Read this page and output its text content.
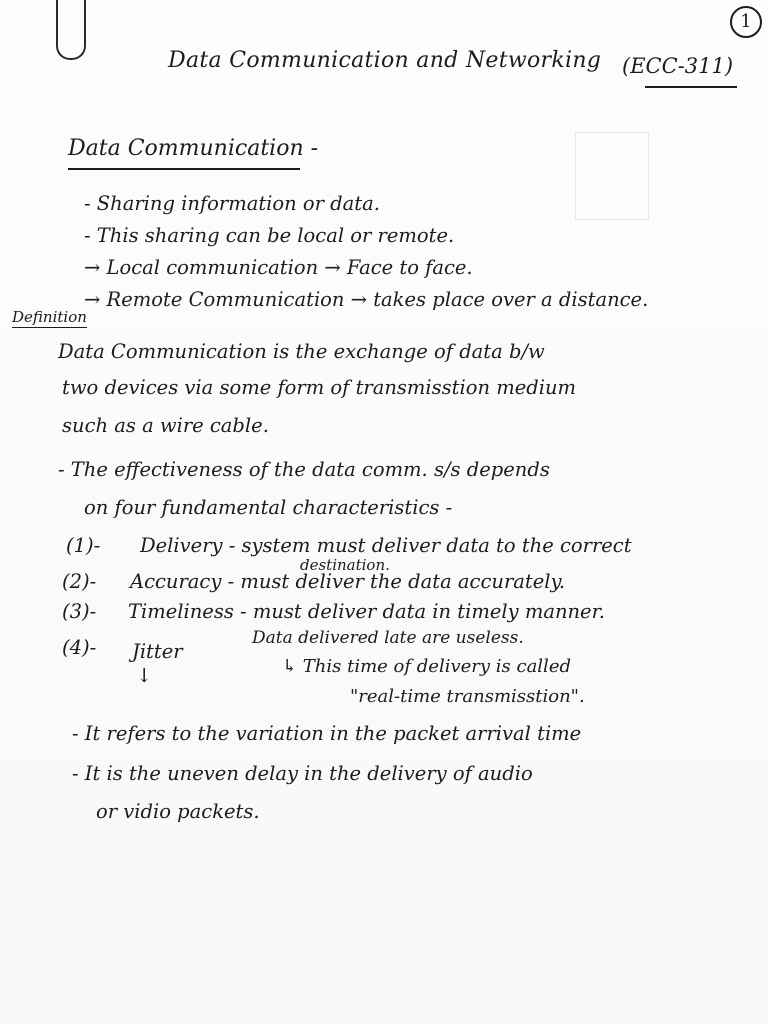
1
Data Communication and Networking (ECC-311)
Data Communication -
- Sharing information or data.
- This sharing can be local or remote.
→ Local communication → Face to face.
→ Remote Communication → takes place over a distance.
Definition
Data Communication is the exchange of data b/w
two devices via some form of transmisstion medium
such as a wire cable.
- The effectiveness of the data comm. s/s depends
on four fundamental characteristics -
(1)- Delivery - system must deliver data to the correct
destination.
(2)- Accuracy - must deliver the data accurately.
(3)- Timeliness - must deliver data in timely manner.
(4)- Jitter
Data delivered late are useless.
↓	↳ This time of delivery is called
"real-time transmisstion".
- It refers to the variation in the packet arrival time
- It is the uneven delay in the delivery of audio
or vidio packets.
